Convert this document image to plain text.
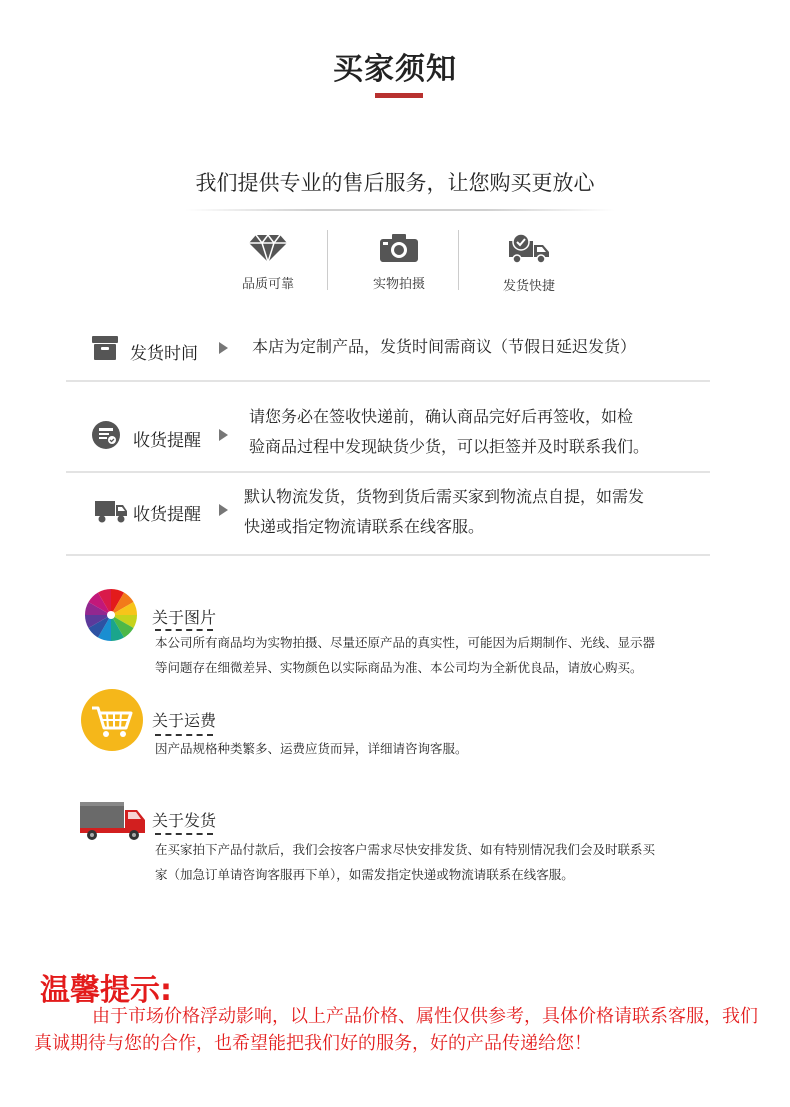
买家须知
我们提供专业的售后服务，让您购买更放心
品质可靠	实物拍摄	发货快捷
发货时间	本店为定制产品，发货时间需商议（节假日延迟发货）
收货提醒
请您务必在签收快递前，确认商品完好后再签收，如检
验商品过程中发现缺货少货，可以拒签并及时联系我们。
收货提醒
默认物流发货，货物到货后需买家到物流点自提，如需发
快递或指定物流请联系在线客服。
关于图片
本公司所有商品均为实物拍摄、尽量还原产品的真实性，可能因为后期制作、光线、显示器
等问题存在细微差异、实物颜色以实际商品为准、本公司均为全新优良品，请放心购买。
关于运费
因产品规格种类繁多、运费应货而异，详细请咨询客服。
关于发货
在买家拍下产品付款后，我们会按客户需求尽快安排发货、如有特别情况我们会及时联系买
家（加急订单请咨询客服再下单），如需发指定快递或物流请联系在线客服。
温馨提示:
由于市场价格浮动影响，以上产品价格、属性仅供参考，具体价格请联系客服，我们真诚期待与您的合作，也希望能把我们好的服务，好的产品传递给您！
